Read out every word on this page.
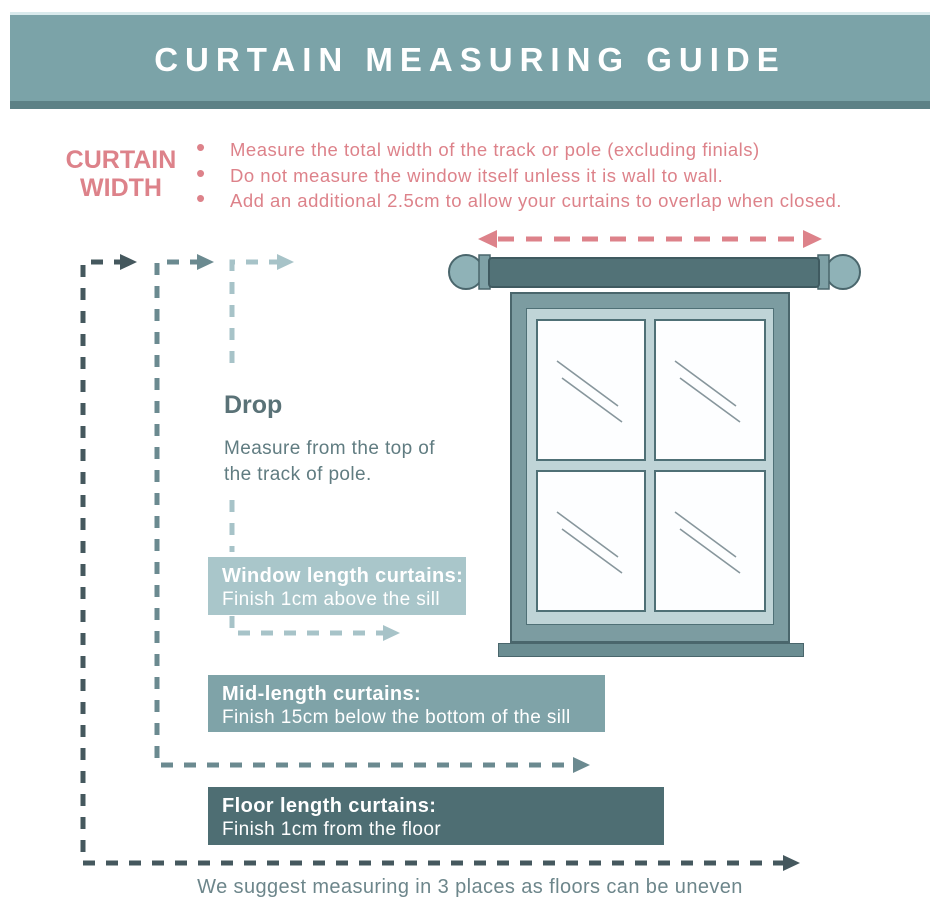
CURTAIN MEASURING GUIDE
CURTAIN WIDTH
• Measure the total width of the track or pole (excluding finials)
• Do not measure the window itself unless it is wall to wall.
• Add an additional 2.5cm to allow your curtains to overlap when closed.
Drop
Measure from the top of the track of pole.
Window length curtains:
Finish 1cm above the sill
Mid-length curtains:
Finish 15cm below the bottom of the sill
Floor length curtains:
Finish 1cm from the floor
We suggest measuring in 3 places as floors can be uneven
